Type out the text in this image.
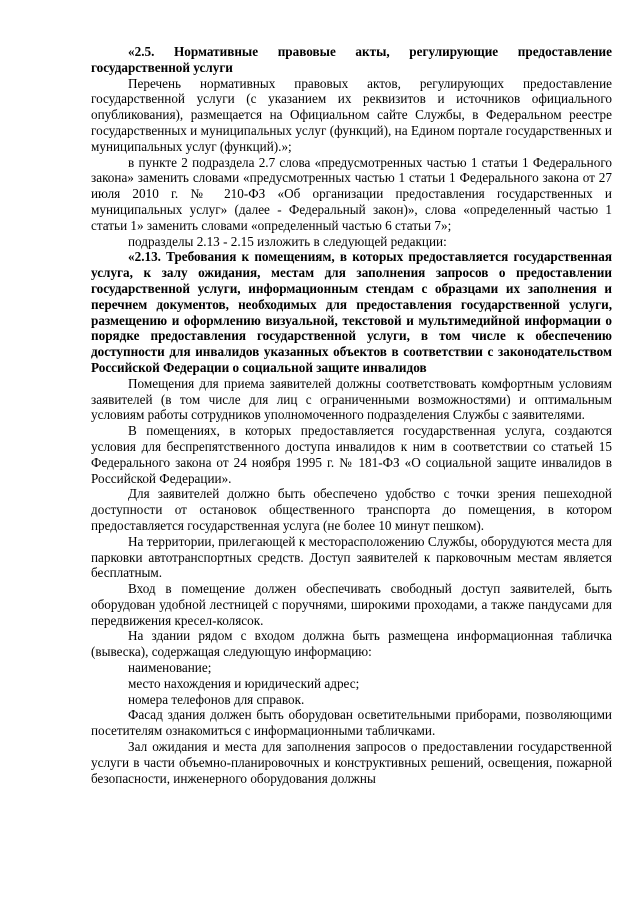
«2.5. Нормативные правовые акты, регулирующие предоставление государственной услуги

Перечень нормативных правовых актов, регулирующих предоставление государственной услуги (с указанием их реквизитов и источников официального опубликования), размещается на Официальном сайте Службы, в Федеральном реестре государственных и муниципальных услуг (функций), на Едином портале государственных и муниципальных услуг (функций).»;

в пункте 2 подраздела 2.7 слова «предусмотренных частью 1 статьи 1 Федерального закона» заменить словами «предусмотренных частью 1 статьи 1 Федерального закона от 27 июля 2010 г. № 210-ФЗ «Об организации предоставления государственных и муниципальных услуг» (далее - Федеральный закон)», слова «определенный частью 1 статьи 1» заменить словами «определенный частью 6 статьи 7»;

подразделы 2.13 - 2.15 изложить в следующей редакции:

«2.13. Требования к помещениям, в которых предоставляется государственная услуга, к залу ожидания, местам для заполнения запросов о предоставлении государственной услуги, информационным стендам с образцами их заполнения и перечнем документов, необходимых для предоставления государственной услуги, размещению и оформлению визуальной, текстовой и мультимедийной информации о порядке предоставления государственной услуги, в том числе к обеспечению доступности для инвалидов указанных объектов в соответствии с законодательством Российской Федерации о социальной защите инвалидов

Помещения для приема заявителей должны соответствовать комфортным условиям заявителей (в том числе для лиц с ограниченными возможностями) и оптимальным условиям работы сотрудников уполномоченного подразделения Службы с заявителями.

В помещениях, в которых предоставляется государственная услуга, создаются условия для беспрепятственного доступа инвалидов к ним в соответствии со статьей 15 Федерального закона от 24 ноября 1995 г. № 181-ФЗ «О социальной защите инвалидов в Российской Федерации».

Для заявителей должно быть обеспечено удобство с точки зрения пешеходной доступности от остановок общественного транспорта до помещения, в котором предоставляется государственная услуга (не более 10 минут пешком).

На территории, прилегающей к месторасположению Службы, оборудуются места для парковки автотранспортных средств. Доступ заявителей к парковочным местам является бесплатным.

Вход в помещение должен обеспечивать свободный доступ заявителей, быть оборудован удобной лестницей с поручнями, широкими проходами, а также пандусами для передвижения кресел-колясок.

На здании рядом с входом должна быть размещена информационная табличка (вывеска), содержащая следующую информацию:

наименование;

место нахождения и юридический адрес;

номера телефонов для справок.

Фасад здания должен быть оборудован осветительными приборами, позволяющими посетителям ознакомиться с информационными табличками.

Зал ожидания и места для заполнения запросов о предоставлении государственной услуги в части объемно-планировочных и конструктивных решений, освещения, пожарной безопасности, инженерного оборудования должны
